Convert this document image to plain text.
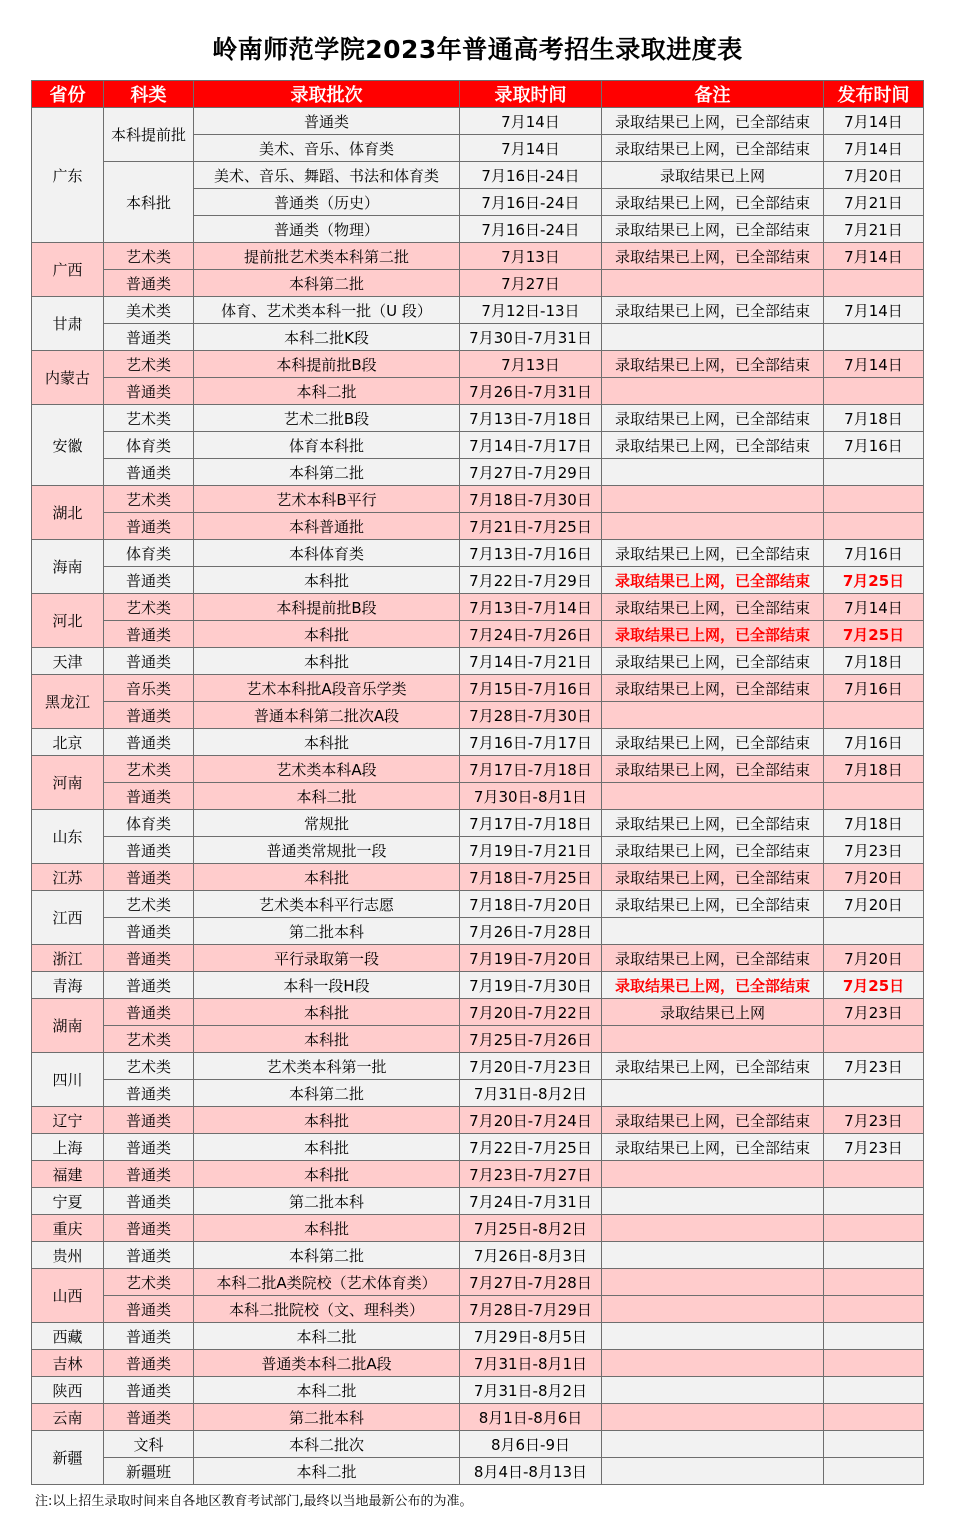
岭南师范学院2023年普通高考招生录取进度表
省份	科类	录取批次	录取时间	备注	发布时间
广东	本科提前批	普通类	7月14日	录取结果已上网，已全部结束	7月14日
		美术、音乐、体育类	7月14日	录取结果已上网，已全部结束	7月14日
	本科批	美术、音乐、舞蹈、书法和体育类	7月16日-24日	录取结果已上网	7月20日
		普通类（历史）	7月16日-24日	录取结果已上网，已全部结束	7月21日
		普通类（物理）	7月16日-24日	录取结果已上网，已全部结束	7月21日
广西	艺术类	提前批艺术类本科第二批	7月13日	录取结果已上网，已全部结束	7月14日
	普通类	本科第二批	7月27日		
甘肃	美术类	体育、艺术类本科一批（U 段）	7月12日-13日	录取结果已上网，已全部结束	7月14日
	普通类	本科二批K段	7月30日-7月31日		
内蒙古	艺术类	本科提前批B段	7月13日	录取结果已上网，已全部结束	7月14日
	普通类	本科二批	7月26日-7月31日		
安徽	艺术类	艺术二批B段	7月13日-7月18日	录取结果已上网，已全部结束	7月18日
	体育类	体育本科批	7月14日-7月17日	录取结果已上网，已全部结束	7月16日
	普通类	本科第二批	7月27日-7月29日		
湖北	艺术类	艺术本科B平行	7月18日-7月30日		
	普通类	本科普通批	7月21日-7月25日		
海南	体育类	本科体育类	7月13日-7月16日	录取结果已上网，已全部结束	7月16日
	普通类	本科批	7月22日-7月29日	录取结果已上网，已全部结束	7月25日
河北	艺术类	本科提前批B段	7月13日-7月14日	录取结果已上网，已全部结束	7月14日
	普通类	本科批	7月24日-7月26日	录取结果已上网，已全部结束	7月25日
天津	普通类	本科批	7月14日-7月21日	录取结果已上网，已全部结束	7月18日
黑龙江	音乐类	艺术本科批A段音乐学类	7月15日-7月16日	录取结果已上网，已全部结束	7月16日
	普通类	普通本科第二批次A段	7月28日-7月30日		
北京	普通类	本科批	7月16日-7月17日	录取结果已上网，已全部结束	7月16日
河南	艺术类	艺术类本科A段	7月17日-7月18日	录取结果已上网，已全部结束	7月18日
	普通类	本科二批	7月30日-8月1日		
山东	体育类	常规批	7月17日-7月18日	录取结果已上网，已全部结束	7月18日
	普通类	普通类常规批一段	7月19日-7月21日	录取结果已上网，已全部结束	7月23日
江苏	普通类	本科批	7月18日-7月25日	录取结果已上网，已全部结束	7月20日
江西	艺术类	艺术类本科平行志愿	7月18日-7月20日	录取结果已上网，已全部结束	7月20日
	普通类	第二批本科	7月26日-7月28日		
浙江	普通类	平行录取第一段	7月19日-7月20日	录取结果已上网，已全部结束	7月20日
青海	普通类	本科一段H段	7月19日-7月30日	录取结果已上网，已全部结束	7月25日
湖南	普通类	本科批	7月20日-7月22日	录取结果已上网	7月23日
	艺术类	本科批	7月25日-7月26日		
四川	艺术类	艺术类本科第一批	7月20日-7月23日	录取结果已上网，已全部结束	7月23日
	普通类	本科第二批	7月31日-8月2日		
辽宁	普通类	本科批	7月20日-7月24日	录取结果已上网，已全部结束	7月23日
上海	普通类	本科批	7月22日-7月25日	录取结果已上网，已全部结束	7月23日
福建	普通类	本科批	7月23日-7月27日		
宁夏	普通类	第二批本科	7月24日-7月31日		
重庆	普通类	本科批	7月25日-8月2日		
贵州	普通类	本科第二批	7月26日-8月3日		
山西	艺术类	本科二批A类院校（艺术体育类）	7月27日-7月28日		
	普通类	本科二批院校（文、理科类）	7月28日-7月29日		
西藏	普通类	本科二批	7月29日-8月5日		
吉林	普通类	普通类本科二批A段	7月31日-8月1日		
陕西	普通类	本科二批	7月31日-8月2日		
云南	普通类	第二批本科	8月1日-8月6日		
新疆	文科	本科二批次	8月6日-9日		
	新疆班	本科二批	8月4日-8月13日		
注:以上招生录取时间来自各地区教育考试部门,最终以当地最新公布的为准。
